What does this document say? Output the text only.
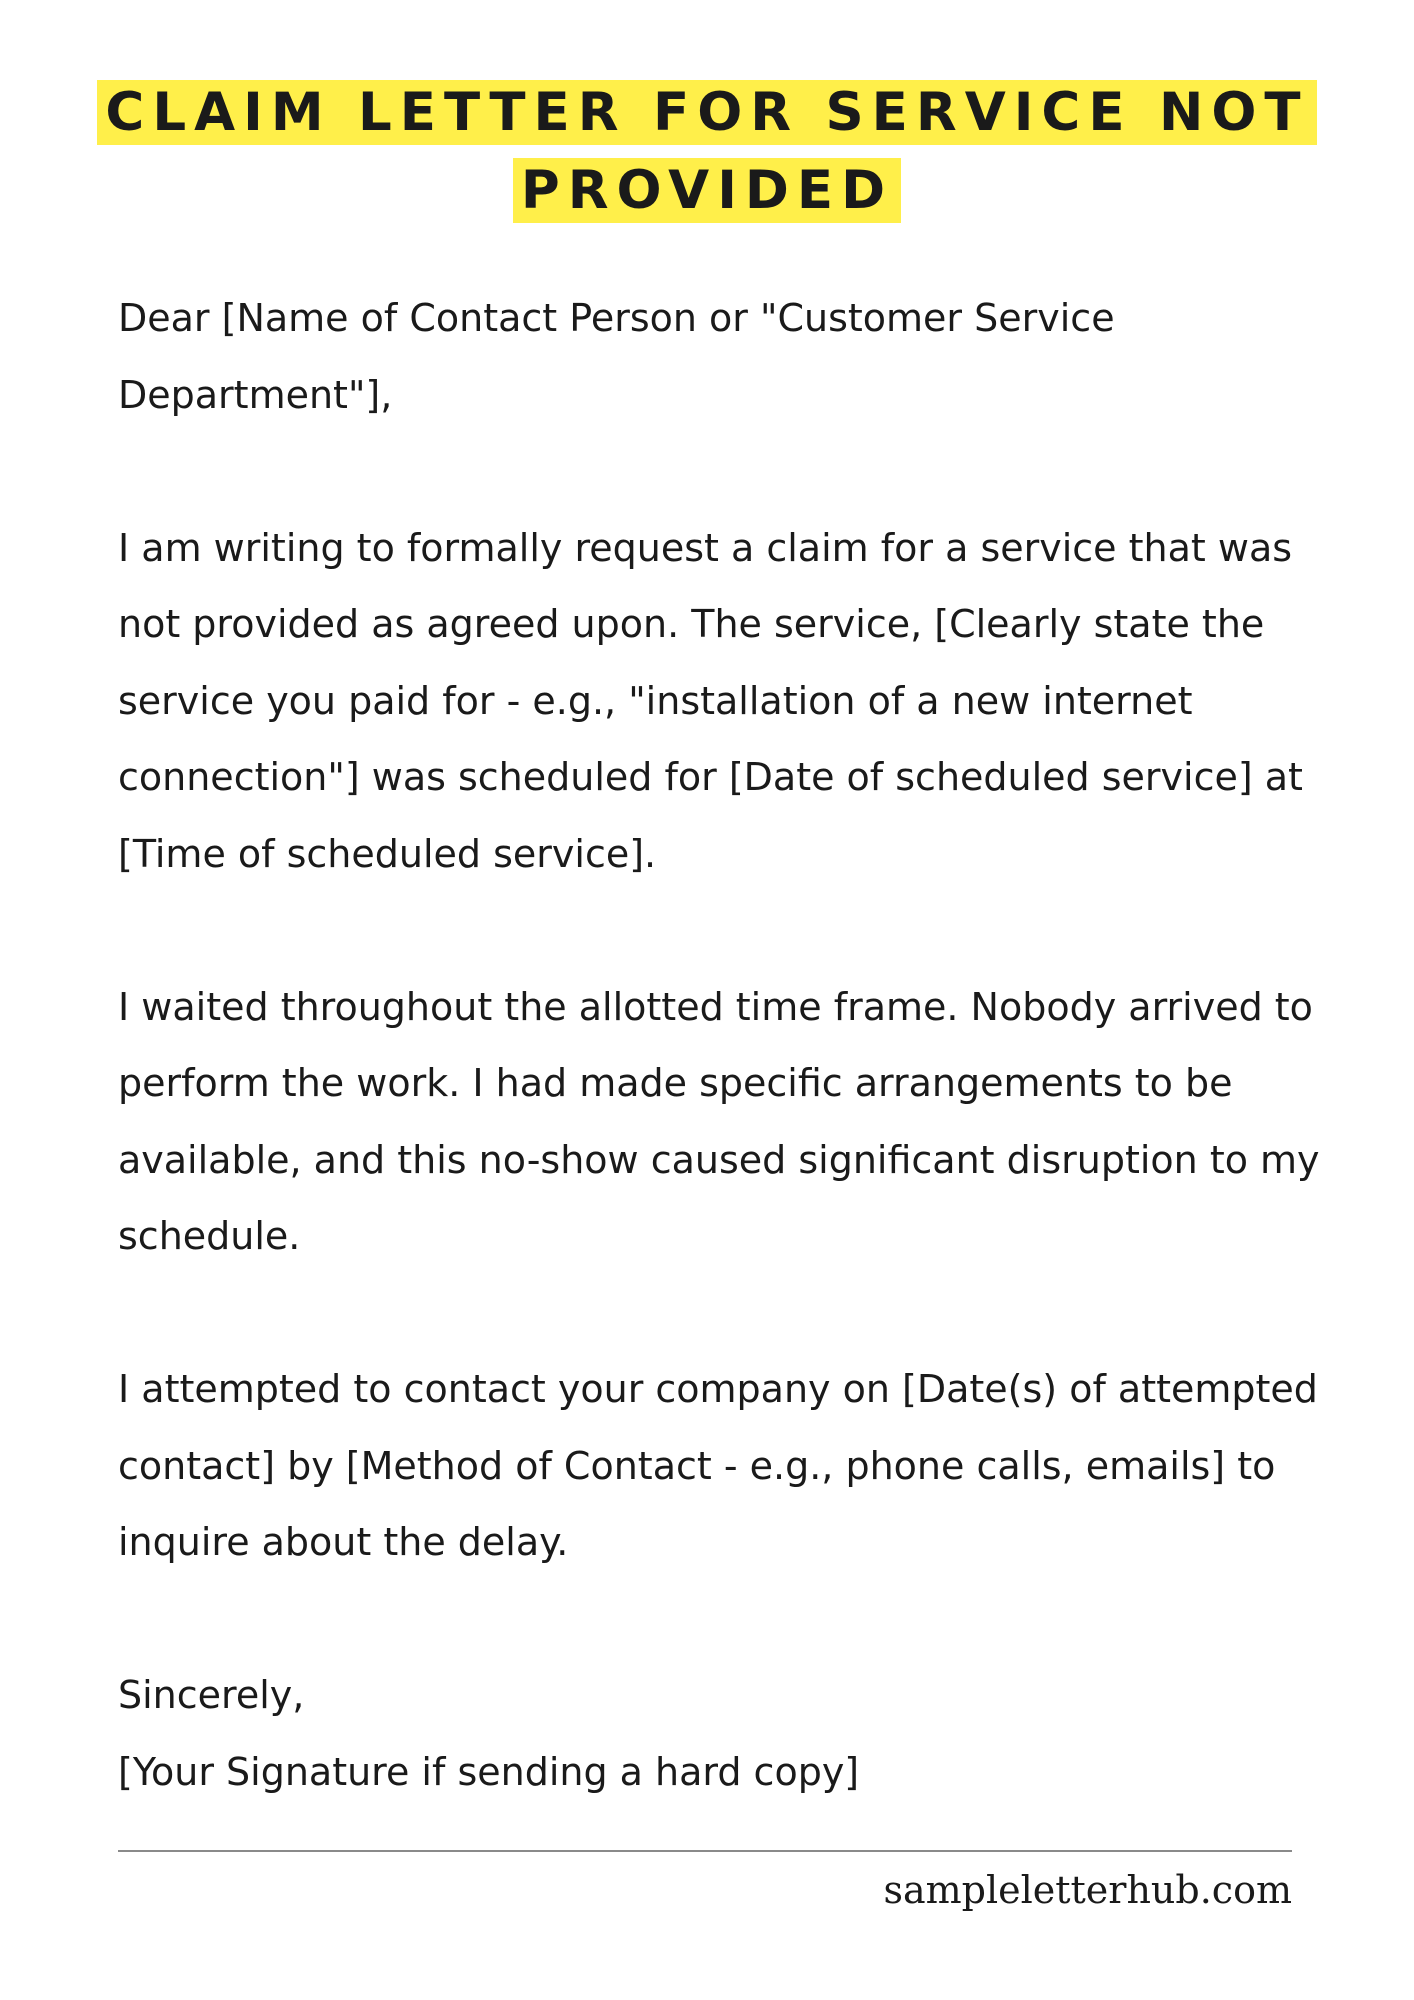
CLAIM LETTER FOR SERVICE NOT PROVIDED

Dear [Name of Contact Person or "Customer Service Department"],

I am writing to formally request a claim for a service that was not provided as agreed upon. The service, [Clearly state the service you paid for - e.g., "installation of a new internet connection"] was scheduled for [Date of scheduled service] at [Time of scheduled service].

I waited throughout the allotted time frame. Nobody arrived to perform the work. I had made specific arrangements to be available, and this no-show caused significant disruption to my schedule.

I attempted to contact your company on [Date(s) of attempted contact] by [Method of Contact - e.g., phone calls, emails] to inquire about the delay.

Sincerely,

[Your Signature if sending a hard copy]

sampleletterhub.com
